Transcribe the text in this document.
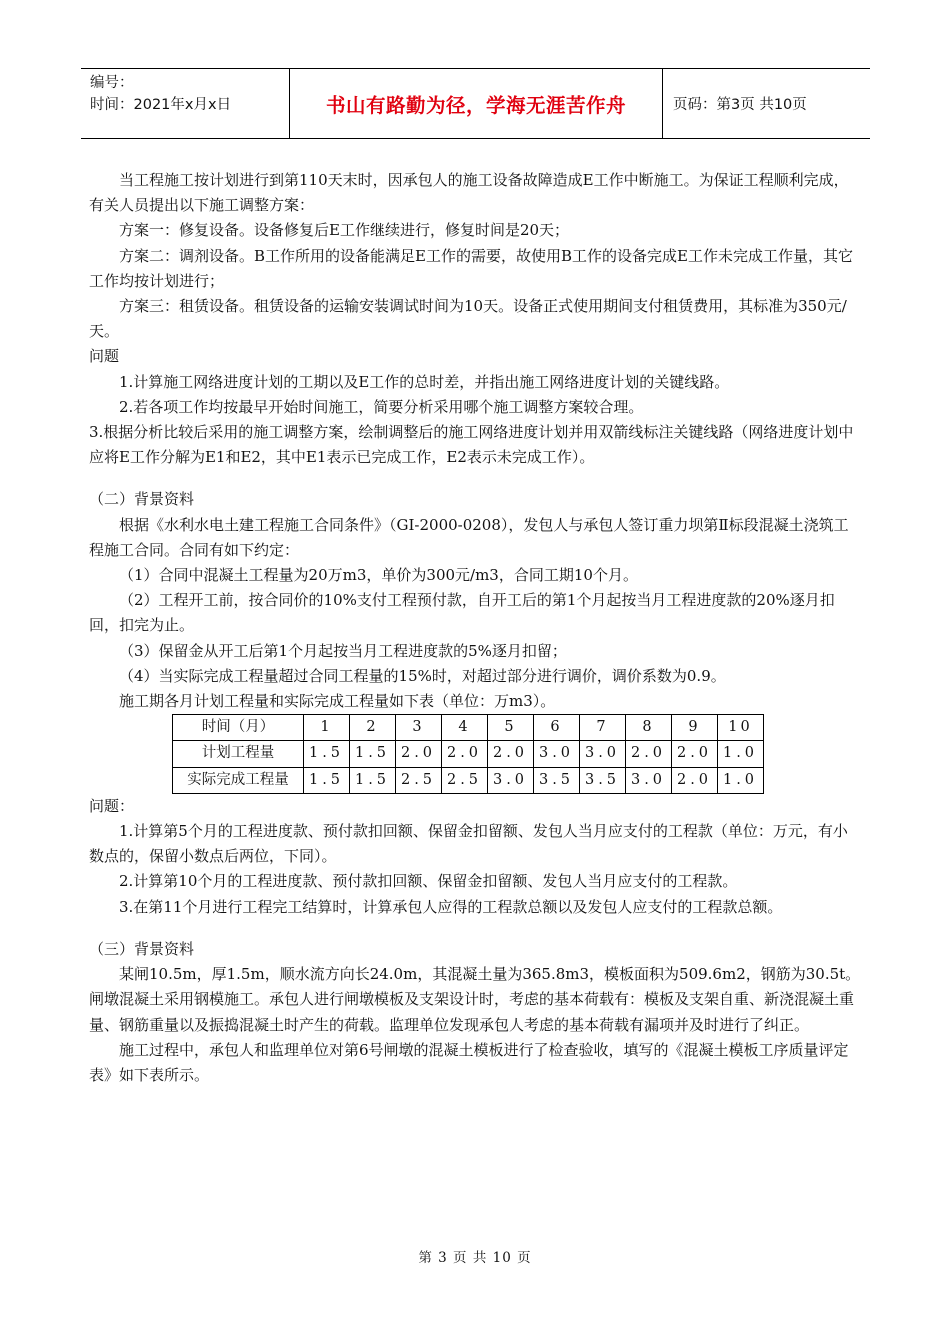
编号：
时间：2021年x月x日	书山有路勤为径，学海无涯苦作舟	页码：第3页 共10页

当工程施工按计划进行到第110天末时，因承包人的施工设备故障造成E工作中断施工。为保证工程顺利完成，有关人员提出以下施工调整方案：

方案一：修复设备。设备修复后E工作继续进行，修复时间是20天；

方案二：调剂设备。B工作所用的设备能满足E工作的需要，故使用B工作的设备完成E工作未完成工作量，其它工作均按计划进行；

方案三：租赁设备。租赁设备的运输安装调试时间为10天。设备正式使用期间支付租赁费用，其标准为350元/天。

问题

1.计算施工网络进度计划的工期以及E工作的总时差，并指出施工网络进度计划的关键线路。

2.若各项工作均按最早开始时间施工，简要分析采用哪个施工调整方案较合理。

3.根据分析比较后采用的施工调整方案，绘制调整后的施工网络进度计划并用双箭线标注关键线路（网络进度计划中应将E工作分解为E1和E2，其中E1表示已完成工作，E2表示未完成工作）。

（二）背景资料

根据《水利水电土建工程施工合同条件》（GI-2000-0208），发包人与承包人签订重力坝第Ⅱ标段混凝土浇筑工程施工合同。合同有如下约定：

（1）合同中混凝土工程量为20万m3，单价为300元/m3，合同工期10个月。

（2）工程开工前，按合同价的10%支付工程预付款，自开工后的第1个月起按当月工程进度款的20%逐月扣回，扣完为止。

（3）保留金从开工后第1个月起按当月工程进度款的5%逐月扣留；

（4）当实际完成工程量超过合同工程量的15%时，对超过部分进行调价，调价系数为0.9。

施工期各月计划工程量和实际完成工程量如下表（单位：万m3）。

时间（月）	1	2	3	4	5	6	7	8	9	10
计划工程量	1.5	1.5	2.0	2.0	2.0	3.0	3.0	2.0	2.0	1.0
实际完成工程量	1.5	1.5	2.5	2.5	3.0	3.5	3.5	3.0	2.0	1.0

问题：

1.计算第5个月的工程进度款、预付款扣回额、保留金扣留额、发包人当月应支付的工程款（单位：万元，有小数点的，保留小数点后两位，下同）。

2.计算第10个月的工程进度款、预付款扣回额、保留金扣留额、发包人当月应支付的工程款。

3.在第11个月进行工程完工结算时，计算承包人应得的工程款总额以及发包人应支付的工程款总额。

（三）背景资料

某闸10.5m，厚1.5m，顺水流方向长24.0m，其混凝土量为365.8m3，模板面积为509.6m2，钢筋为30.5t。闸墩混凝土采用钢模施工。承包人进行闸墩模板及支架设计时，考虑的基本荷载有：模板及支架自重、新浇混凝土重量、钢筋重量以及振捣混凝土时产生的荷载。监理单位发现承包人考虑的基本荷载有漏项并及时进行了纠正。

施工过程中，承包人和监理单位对第6号闸墩的混凝土模板进行了检查验收，填写的《混凝土模板工序质量评定表》如下表所示。

第 3 页 共 10 页
